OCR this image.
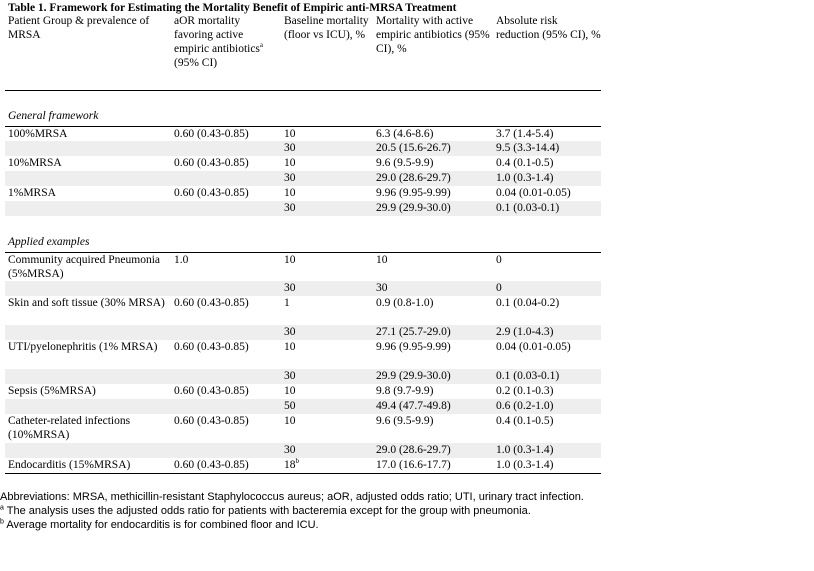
Table 1. Framework for Estimating the Mortality Benefit of Empiric anti-MRSA Treatment
Patient Group & prevalence of MRSA	aOR mortality favoring active empiric antibiotics$^a$ (95% CI)	Baseline mortality (floor vs ICU), %	Mortality with active empiric antibiotics (95% CI), %	Absolute risk reduction (95% CI), %
General framework				
100%MRSA	0.60 (0.43-0.85)	10	6.3 (4.6-8.6)	3.7 (1.4-5.4)
		30	20.5 (15.6-26.7)	9.5 (3.3-14.4)
10%MRSA	0.60 (0.43-0.85)	10	9.6 (9.5-9.9)	0.4 (0.1-0.5)
		30	29.0 (28.6-29.7)	1.0 (0.3-1.4)
1%MRSA	0.60 (0.43-0.85)	10	9.96 (9.95-9.99)	0.04 (0.01-0.05)
		30	29.9 (29.9-30.0)	0.1 (0.03-0.1)
Applied examples				
Community acquired Pneumonia (5%MRSA)	1.0	10	10	0
		30	30	0
Skin and soft tissue (30% MRSA)	0.60 (0.43-0.85)	1	0.9 (0.8-1.0)	0.1 (0.04-0.2)
		30	27.1 (25.7-29.0)	2.9 (1.0-4.3)
UTI/pyelonephritis (1% MRSA)	0.60 (0.43-0.85)	10	9.96 (9.95-9.99)	0.04 (0.01-0.05)
		30	29.9 (29.9-30.0)	0.1 (0.03-0.1)
Sepsis (5%MRSA)	0.60 (0.43-0.85)	10	9.8 (9.7-9.9)	0.2 (0.1-0.3)
		50	49.4 (47.7-49.8)	0.6 (0.2-1.0)
Catheter-related infections (10%MRSA)	0.60 (0.43-0.85)	10	9.6 (9.5-9.9)	0.4 (0.1-0.5)
		30	29.0 (28.6-29.7)	1.0 (0.3-1.4)
Endocarditis (15%MRSA)	0.60 (0.43-0.85)	18$^b$	17.0 (16.6-17.7)	1.0 (0.3-1.4)
Abbreviations: MRSA, methicillin-resistant Staphylococcus aureus; aOR, adjusted odds ratio; UTI, urinary tract infection.
$^a$ The analysis uses the adjusted odds ratio for patients with bacteremia except for the group with pneumonia.
$^b$ Average mortality for endocarditis is for combined floor and ICU.
